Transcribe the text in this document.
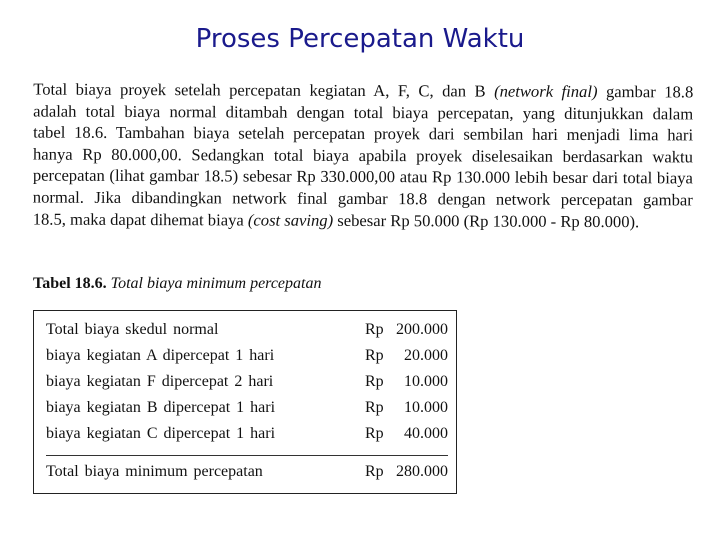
Proses Percepatan Waktu
Total biaya proyek setelah percepatan kegiatan A, F, C, dan B (network final) gambar 18.8
adalah total biaya normal ditambah dengan total biaya percepatan, yang ditunjukkan dalam
tabel 18.6. Tambahan biaya setelah percepatan proyek dari sembilan hari menjadi lima hari
hanya Rp 80.000,00. Sedangkan total biaya apabila proyek diselesaikan berdasarkan waktu
percepatan (lihat gambar 18.5) sebesar Rp 330.000,00 atau Rp 130.000 lebih besar dari total biaya
normal. Jika dibandingkan network final gambar 18.8 dengan network percepatan gambar
18.5, maka dapat dihemat biaya (cost saving) sebesar Rp 50.000 (Rp 130.000 - Rp 80.000).
Tabel 18.6. Total biaya minimum percepatan
Total biaya skedul normal	Rp 200.000
biaya kegiatan A dipercepat 1 hari	Rp 20.000
biaya kegiatan F dipercepat 2 hari	Rp 10.000
biaya kegiatan B dipercepat 1 hari	Rp 10.000
biaya kegiatan C dipercepat 1 hari	Rp 40.000
Total biaya minimum percepatan	Rp 280.000
